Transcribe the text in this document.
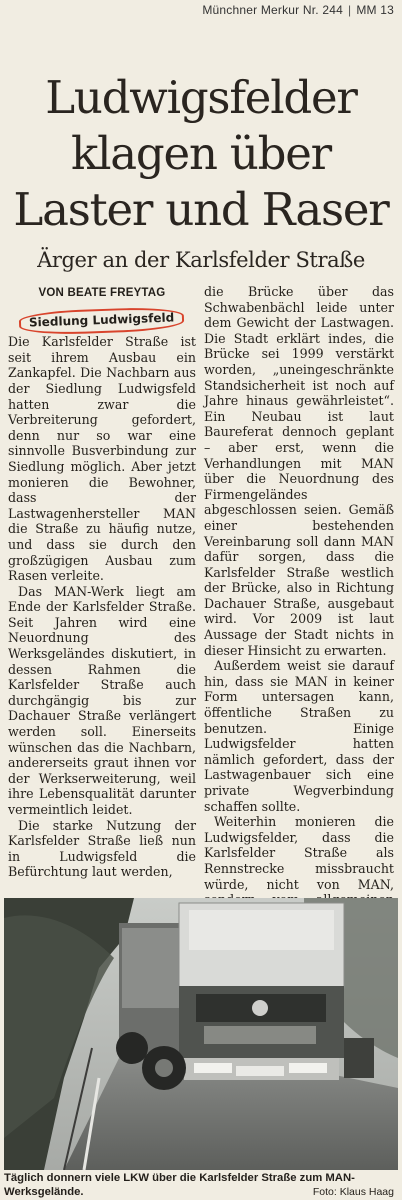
Münchner Merkur Nr. 244 | MM 13
Ludwigsfelder
klagen über
Laster und Raser
Ärger an der Karlsfelder Straße
VON BEATE FREYTAG
Siedlung Ludwigsfeld

Die Karlsfelder Straße ist seit ihrem Ausbau ein Zankapfel. Die Nachbarn aus der Siedlung Ludwigsfeld hatten zwar die Verbreiterung gefordert, denn nur so war eine sinnvolle Busverbindung zur Siedlung möglich. Aber jetzt monieren die Bewohner, dass der Lastwagenhersteller MAN die Straße zu häufig nutze, und dass sie durch den großzügigen Ausbau zum Rasen verleite.

Das MAN-Werk liegt am Ende der Karlsfelder Straße. Seit Jahren wird eine Neuordnung des Werksgeländes diskutiert, in dessen Rahmen die Karlsfelder Straße auch durchgängig bis zur Dachauer Straße verlängert werden soll. Einerseits wünschen das die Nachbarn, andererseits graut ihnen vor der Werkserweiterung, weil ihre Lebensqualität darunter vermeintlich leidet.

Die starke Nutzung der Karlsfelder Straße ließ nun in Ludwigsfeld die Befürchtung laut werden,

die Brücke über das Schwabenbächl leide unter dem Gewicht der Lastwagen. Die Stadt erklärt indes, die Brücke sei 1999 verstärkt worden, „uneingeschränkte Standsicherheit ist noch auf Jahre hinaus gewährleistet“. Ein Neubau ist laut Baureferat dennoch geplant – aber erst, wenn die Verhandlungen mit MAN über die Neuordnung des Firmengeländes abgeschlossen seien. Gemäß einer bestehenden Vereinbarung soll dann MAN dafür sorgen, dass die Karlsfelder Straße westlich der Brücke, also in Richtung Dachauer Straße, ausgebaut wird. Vor 2009 ist laut Aussage der Stadt nichts in dieser Hinsicht zu erwarten.

Außerdem weist sie darauf hin, dass sie MAN in keiner Form untersagen kann, öffentliche Straßen zu benutzen. Einige Ludwigsfelder hatten nämlich gefordert, dass der Lastwagenbauer sich eine private Wegverbindung schaffen sollte.

Weiterhin monieren die Ludwigsfelder, dass die Karlsfelder Straße als Rennstrecke missbraucht würde, nicht von MAN,

Täglich donnern viele LKW über die Karlsfelder Straße zum MAN-Werksgelände.	Foto: Klaus Haag
